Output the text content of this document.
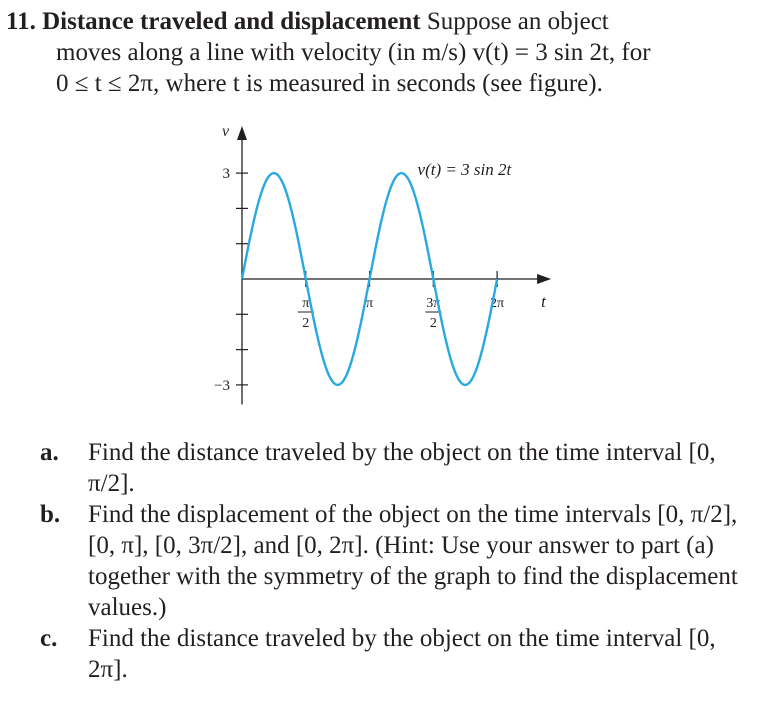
11. Distance traveled and displacement Suppose an object
moves along a line with velocity (in m/s) v(t) = 3 sin 2t, for
0 ≤ t ≤ 2π, where t is measured in seconds (see figure).
v
t
3
−3
π
2
π	3π
2
2π
v(t) = 3 sin 2t
a. Find the distance traveled by the object on the time interval [0, π/2].
b. Find the displacement of the object on the time intervals [0, π/2], [0, π], [0, 3π/2], and [0, 2π]. (Hint: Use your answer to part (a) together with the symmetry of the graph to find the displacement values.)
c. Find the distance traveled by the object on the time interval [0, 2π].
